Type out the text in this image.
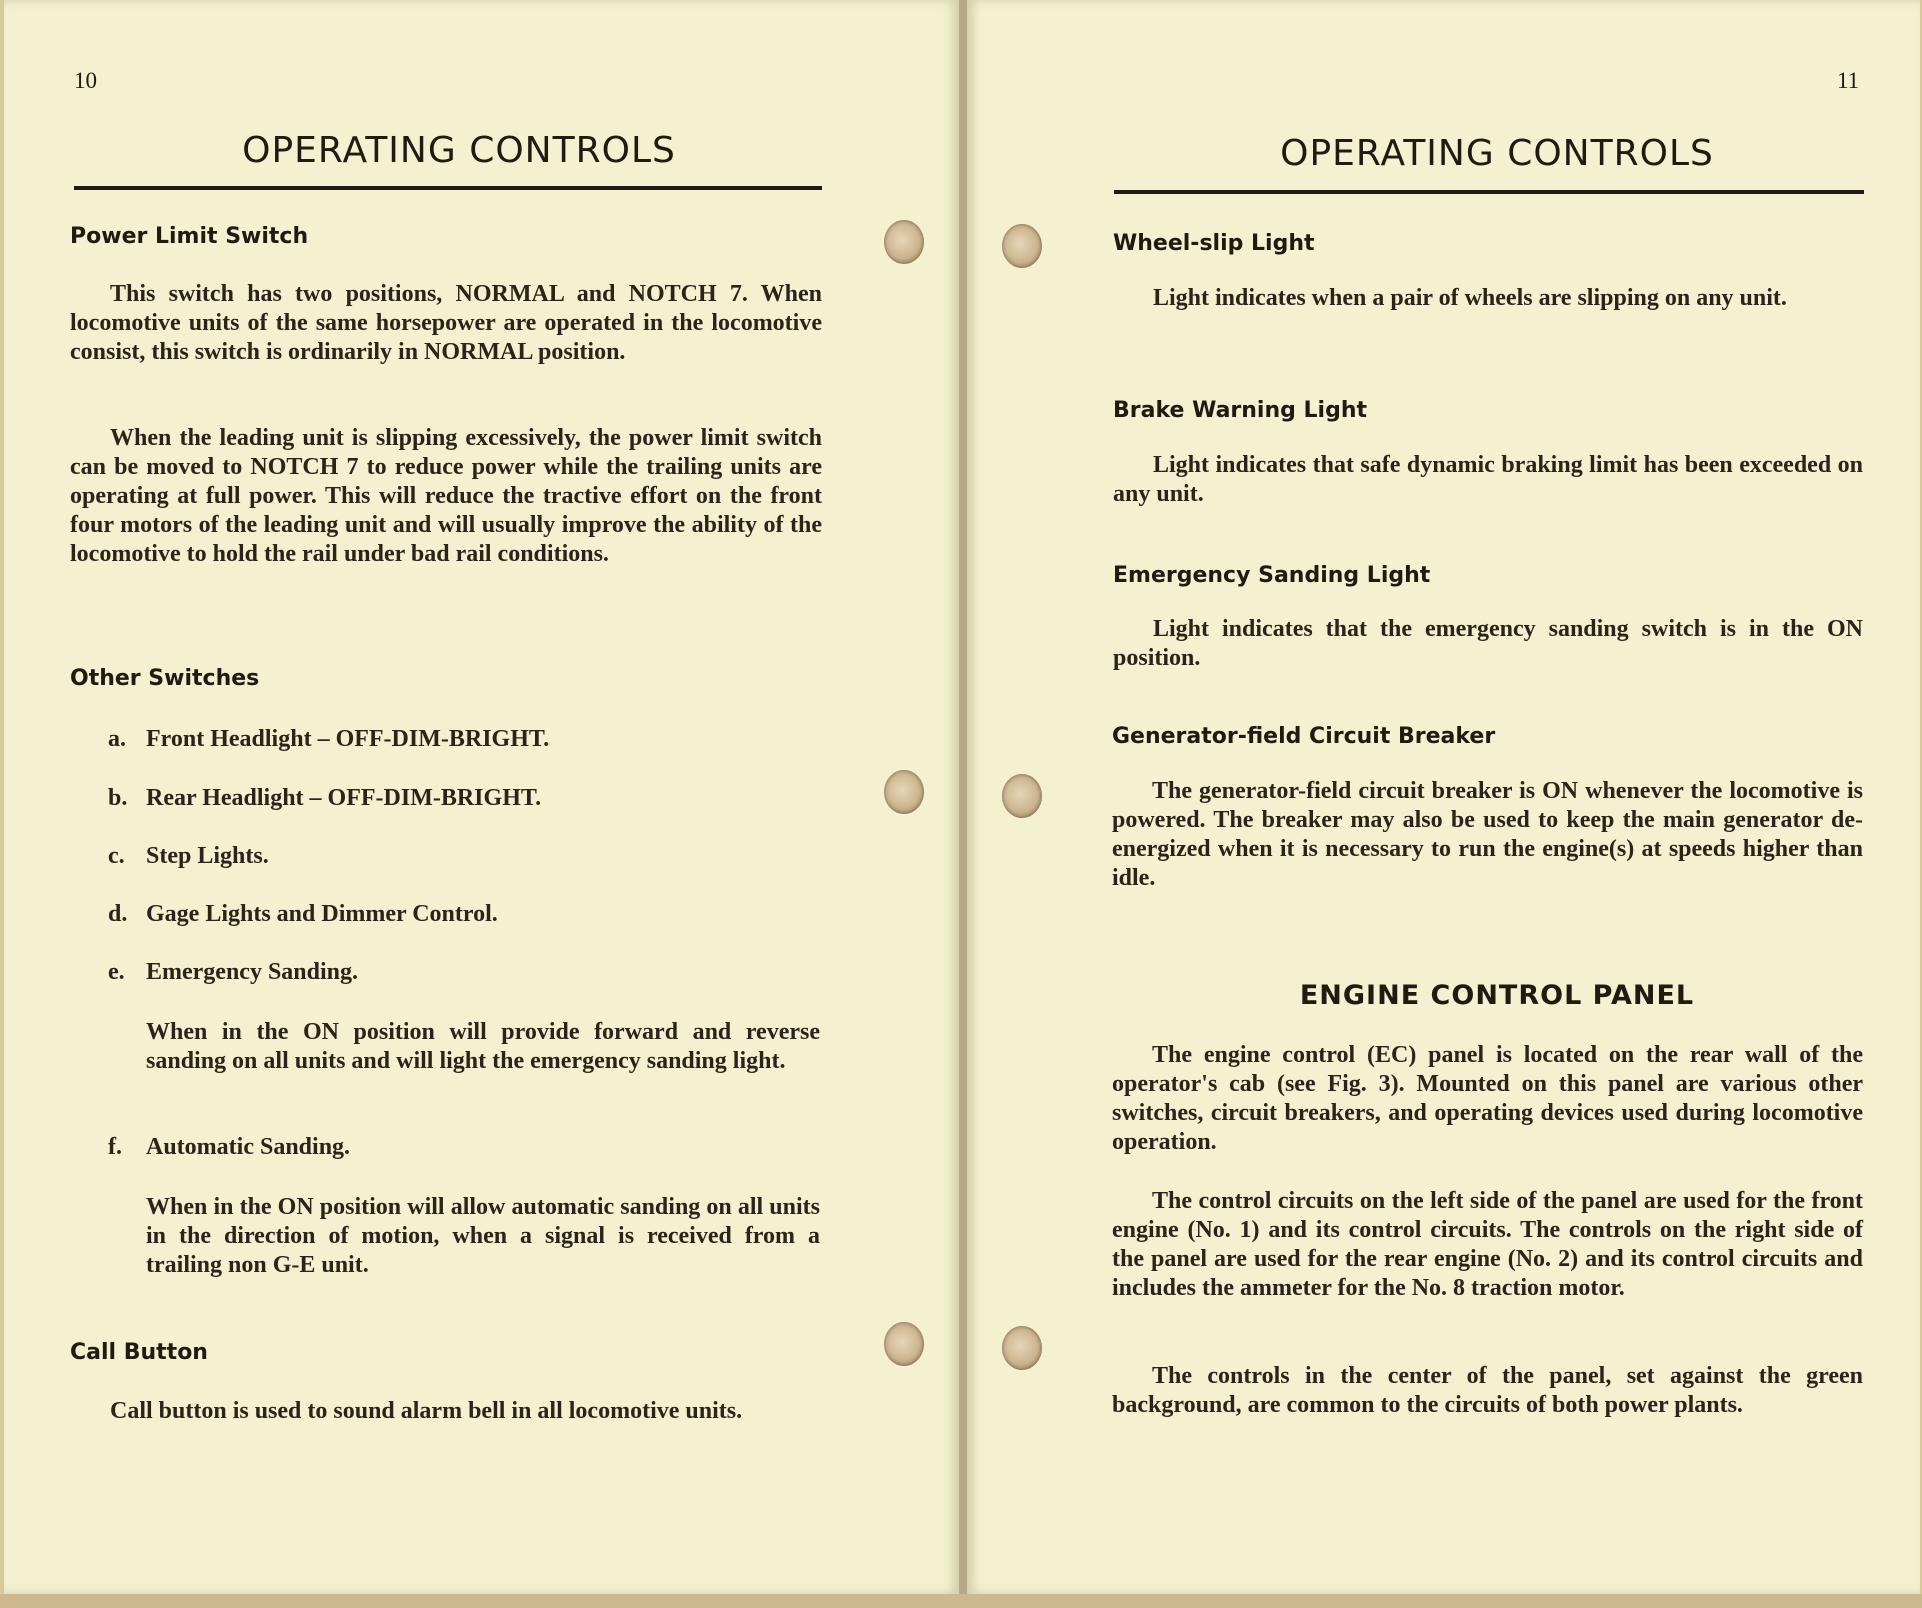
10
OPERATING CONTROLS
Power Limit Switch
This switch has two positions, NORMAL and NOTCH 7. When locomotive units of the same horsepower are operated in the locomotive consist, this switch is ordinarily in NORMAL position.
When the leading unit is slipping excessively, the power limit switch can be moved to NOTCH 7 to reduce power while the trailing units are operating at full power. This will reduce the tractive effort on the front four motors of the leading unit and will usually improve the ability of the locomotive to hold the rail under bad rail conditions.
Other Switches
a. Front Headlight – OFF-DIM-BRIGHT.
b. Rear Headlight – OFF-DIM-BRIGHT.
c. Step Lights.
d. Gage Lights and Dimmer Control.
e. Emergency Sanding.
When in the ON position will provide forward and reverse sanding on all units and will light the emergency sanding light.
f. Automatic Sanding.
When in the ON position will allow automatic sanding on all units in the direction of motion, when a signal is received from a trailing non G-E unit.
Call Button
Call button is used to sound alarm bell in all locomotive units.
11
OPERATING CONTROLS
Wheel-slip Light
Light indicates when a pair of wheels are slipping on any unit.
Brake Warning Light
Light indicates that safe dynamic braking limit has been exceeded on any unit.
Emergency Sanding Light
Light indicates that the emergency sanding switch is in the ON position.
Generator-field Circuit Breaker
The generator-field circuit breaker is ON whenever the locomotive is powered. The breaker may also be used to keep the main generator de-energized when it is necessary to run the engine(s) at speeds higher than idle.
ENGINE CONTROL PANEL
The engine control (EC) panel is located on the rear wall of the operator's cab (see Fig. 3). Mounted on this panel are various other switches, circuit breakers, and operating devices used during locomotive operation.
The control circuits on the left side of the panel are used for the front engine (No. 1) and its control circuits. The controls on the right side of the panel are used for the rear engine (No. 2) and its control circuits and includes the ammeter for the No. 8 traction motor.
The controls in the center of the panel, set against the green background, are common to the circuits of both power plants.
